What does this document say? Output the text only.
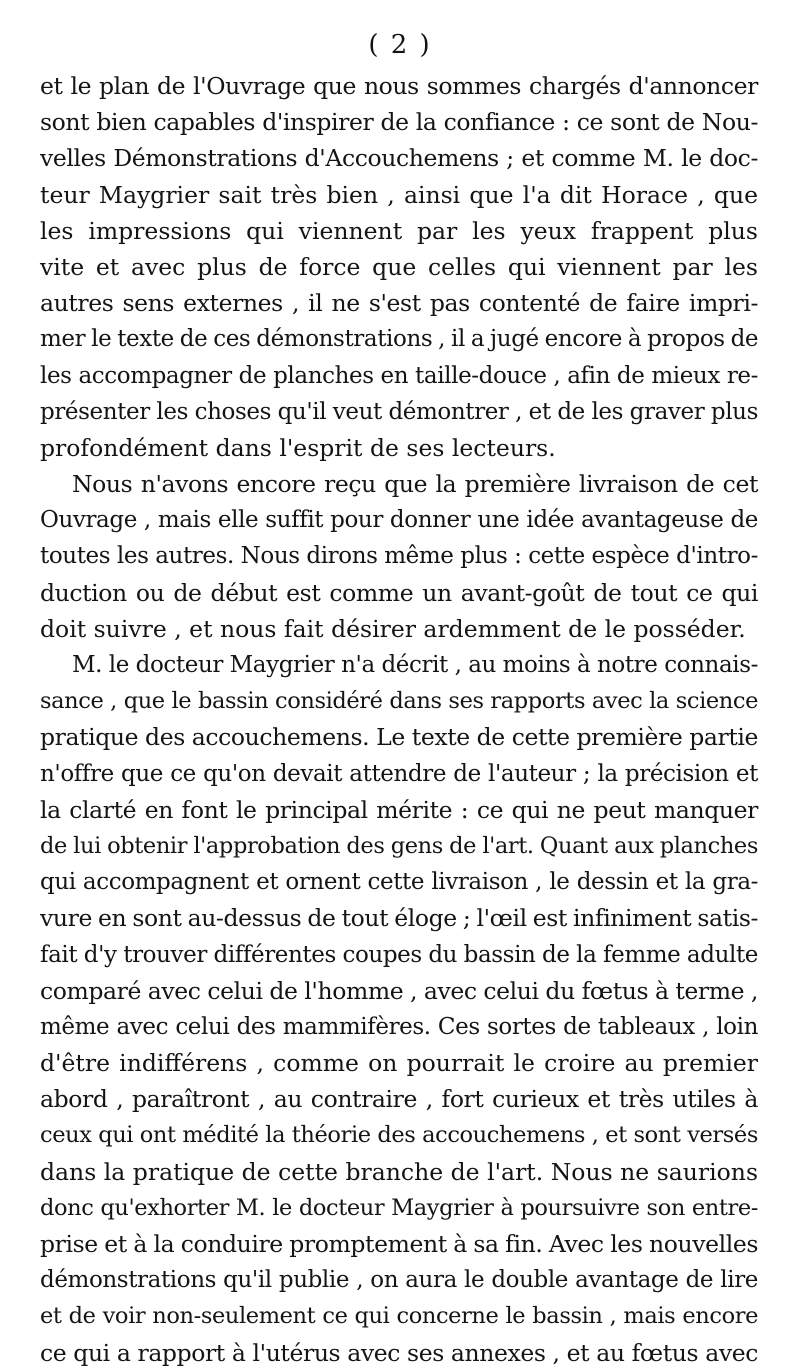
( 2 )
et le plan de l'Ouvrage que nous sommes chargés d'annoncer
sont bien capables d'inspirer de la confiance : ce sont de Nou-
velles Démonstrations d'Accouchemens ; et comme M. le doc-
teur Maygrier sait très bien , ainsi que l'a dit Horace , que
les impressions qui viennent par les yeux frappent plus
vite et avec plus de force que celles qui viennent par les
autres sens externes , il ne s'est pas contenté de faire impri-
mer le texte de ces démonstrations , il a jugé encore à propos de
les accompagner de planches en taille-douce , afin de mieux re-
présenter les choses qu'il veut démontrer , et de les graver plus
profondément dans l'esprit de ses lecteurs.
Nous n'avons encore reçu que la première livraison de cet
Ouvrage , mais elle suffit pour donner une idée avantageuse de
toutes les autres. Nous dirons même plus : cette espèce d'intro-
duction ou de début est comme un avant-goût de tout ce qui
doit suivre , et nous fait désirer ardemment de le posséder.
M. le docteur Maygrier n'a décrit , au moins à notre connais-
sance , que le bassin considéré dans ses rapports avec la science
pratique des accouchemens. Le texte de cette première partie
n'offre que ce qu'on devait attendre de l'auteur ; la précision et
la clarté en font le principal mérite : ce qui ne peut manquer
de lui obtenir l'approbation des gens de l'art. Quant aux planches
qui accompagnent et ornent cette livraison , le dessin et la gra-
vure en sont au-dessus de tout éloge ; l'œil est infiniment satis-
fait d'y trouver différentes coupes du bassin de la femme adulte
comparé avec celui de l'homme , avec celui du fœtus à terme ,
même avec celui des mammifères. Ces sortes de tableaux , loin
d'être indifférens , comme on pourrait le croire au premier
abord , paraîtront , au contraire , fort curieux et très utiles à
ceux qui ont médité la théorie des accouchemens , et sont versés
dans la pratique de cette branche de l'art. Nous ne saurions
donc qu'exhorter M. le docteur Maygrier à poursuivre son entre-
prise et à la conduire promptement à sa fin. Avec les nouvelles
démonstrations qu'il publie , on aura le double avantage de lire
et de voir non-seulement ce qui concerne le bassin , mais encore
ce qui a rapport à l'utérus avec ses annexes , et au fœtus avec
